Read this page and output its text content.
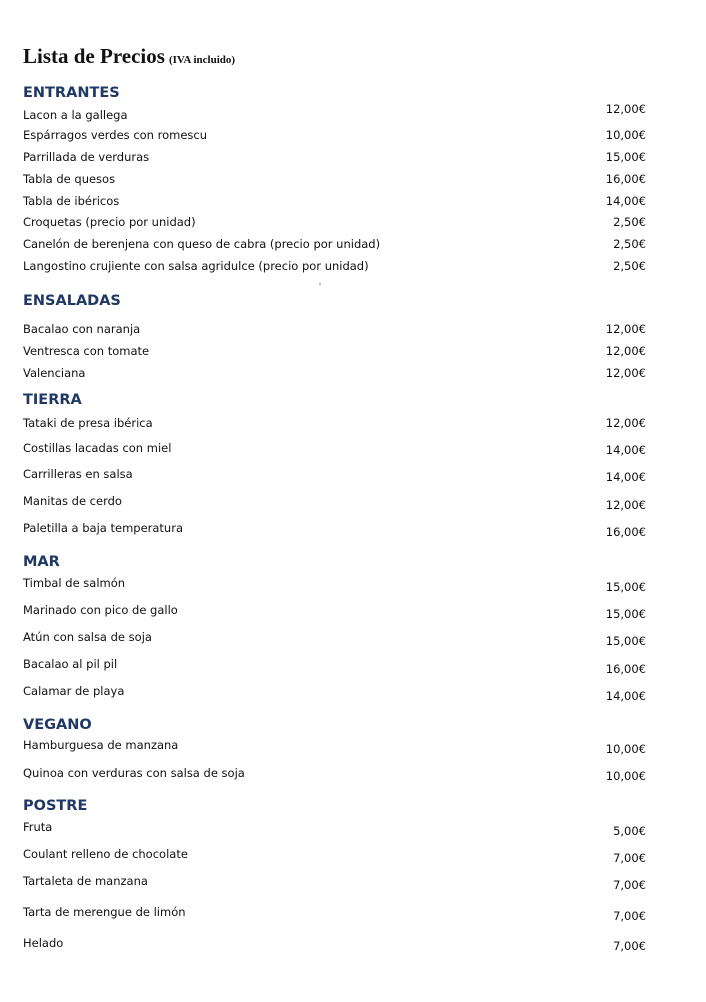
Lista de Precios (IVA incluido)
ENTRANTES
Lacon a la gallega	12,00€
Espárragos verdes con romescu	10,00€
Parrillada de verduras	15,00€
Tabla de quesos	16,00€
Tabla de ibéricos	14,00€
Croquetas (precio por unidad)	2,50€
Canelón de berenjena con queso de cabra (precio por unidad)	2,50€
Langostino crujiente con salsa agridulce (precio por unidad)	2,50€
ENSALADAS
Bacalao con naranja	12,00€
Ventresca con tomate	12,00€
Valenciana	12,00€
TIERRA
Tataki de presa ibérica	12,00€
Costillas lacadas con miel	14,00€
Carrilleras en salsa	14,00€
Manitas de cerdo	12,00€
Paletilla a baja temperatura	16,00€
MAR
Timbal de salmón	15,00€
Marinado con pico de gallo	15,00€
Atún con salsa de soja	15,00€
Bacalao al pil pil	16,00€
Calamar de playa	14,00€
VEGANO
Hamburguesa de manzana	10,00€
Quinoa con verduras con salsa de soja	10,00€
POSTRE
Fruta	5,00€
Coulant relleno de chocolate	7,00€
Tartaleta de manzana	7,00€
Tarta de merengue de limón	7,00€
Helado	7,00€
